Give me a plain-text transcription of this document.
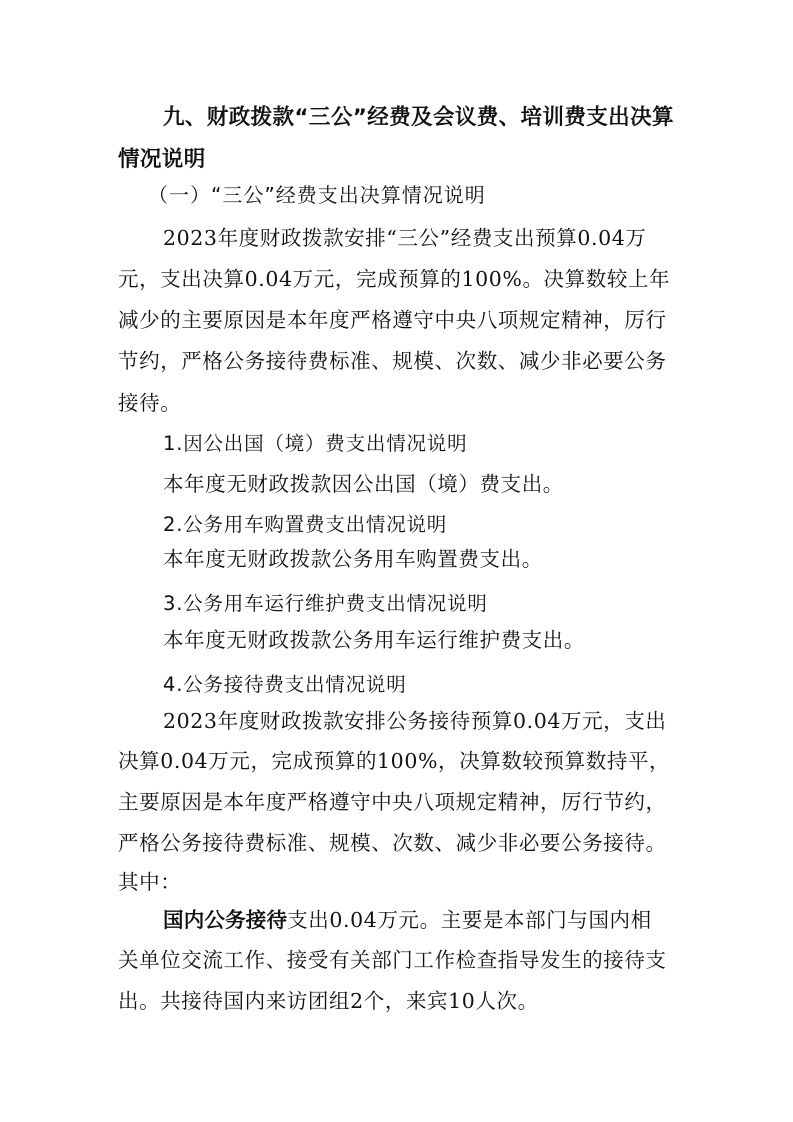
九、财政拨款“三公”经费及会议费、培训费支出决算
情况说明
（一）“三公”经费支出决算情况说明
2023年度财政拨款安排“三公”经费支出预算0.04万
元，支出决算0.04万元，完成预算的100%。决算数较上年
减少的主要原因是本年度严格遵守中央八项规定精神，厉行
节约，严格公务接待费标准、规模、次数、减少非必要公务
接待。
1.因公出国（境）费支出情况说明
本年度无财政拨款因公出国（境）费支出。
2.公务用车购置费支出情况说明
本年度无财政拨款公务用车购置费支出。
3.公务用车运行维护费支出情况说明
本年度无财政拨款公务用车运行维护费支出。
4.公务接待费支出情况说明
2023年度财政拨款安排公务接待预算0.04万元，支出
决算0.04万元，完成预算的100%，决算数较预算数持平，
主要原因是本年度严格遵守中央八项规定精神，厉行节约，
严格公务接待费标准、规模、次数、减少非必要公务接待。
其中：
国内公务接待支出0.04万元。主要是本部门与国内相
关单位交流工作、接受有关部门工作检查指导发生的接待支
出。共接待国内来访团组2个，来宾10人次。
